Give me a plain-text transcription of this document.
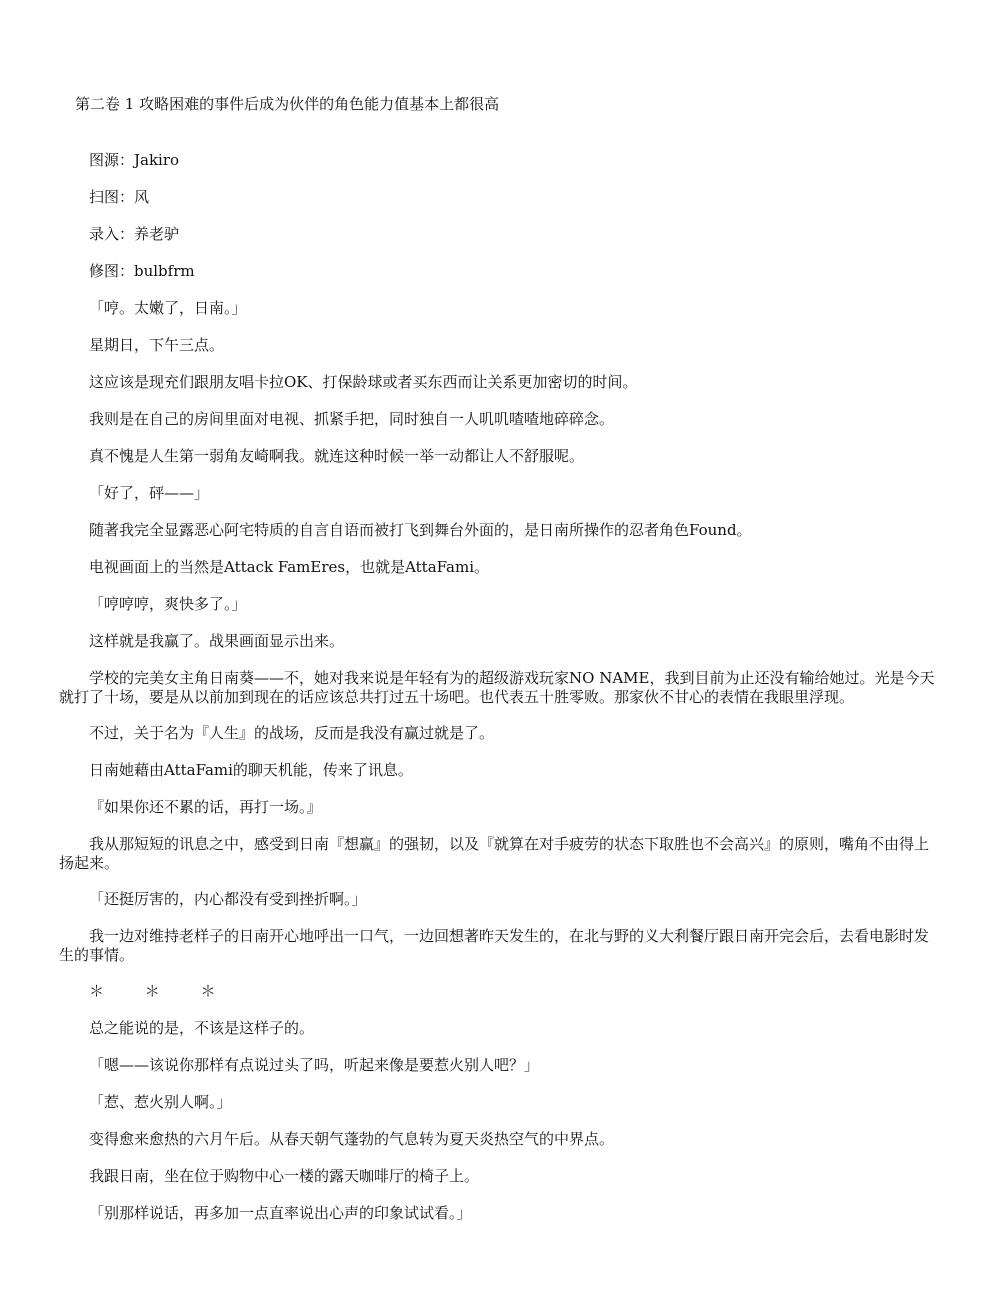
第二卷 1 攻略困难的事件后成为伙伴的角色能力值基本上都很高

图源：Jakiro

扫图：风

录入：养老驴

修图：bulbfrm

「哼。太嫩了，日南。」

星期日，下午三点。

这应该是现充们跟朋友唱卡拉OK、打保龄球或者买东西而让关系更加密切的时间。

我则是在自己的房间里面对电视、抓紧手把，同时独自一人叽叽喳喳地碎碎念。

真不愧是人生第一弱角友崎啊我。就连这种时候一举一动都让人不舒服呢。

「好了，砰——」

随著我完全显露恶心阿宅特质的自言自语而被打飞到舞台外面的，是日南所操作的忍者角色Found。

电视画面上的当然是Attack FamEres，也就是AttaFami。

「哼哼哼，爽快多了。」

这样就是我赢了。战果画面显示出来。

学校的完美女主角日南葵——不，她对我来说是年轻有为的超级游戏玩家NO NAME，我到目前为止还没有输给她过。光是今天就打了十场，要是从以前加到现在的话应该总共打过五十场吧。也代表五十胜零败。那家伙不甘心的表情在我眼里浮现。

不过，关于名为『人生』的战场，反而是我没有赢过就是了。

日南她藉由AttaFami的聊天机能，传来了讯息。

『如果你还不累的话，再打一场。』

我从那短短的讯息之中，感受到日南『想赢』的强韧，以及『就算在对手疲劳的状态下取胜也不会高兴』的原则，嘴角不由得上扬起来。

「还挺厉害的，内心都没有受到挫折啊。」

我一边对维持老样子的日南开心地呼出一口气，一边回想著昨天发生的，在北与野的义大利餐厅跟日南开完会后，去看电影时发生的事情。

＊ ＊ ＊

总之能说的是，不该是这样子的。

「嗯——该说你那样有点说过头了吗，听起来像是要惹火别人吧？」

「惹、惹火别人啊。」

变得愈来愈热的六月午后。从春天朝气蓬勃的气息转为夏天炎热空气的中界点。

我跟日南，坐在位于购物中心一楼的露天咖啡厅的椅子上。

「别那样说话，再多加一点直率说出心声的印象试试看。」
